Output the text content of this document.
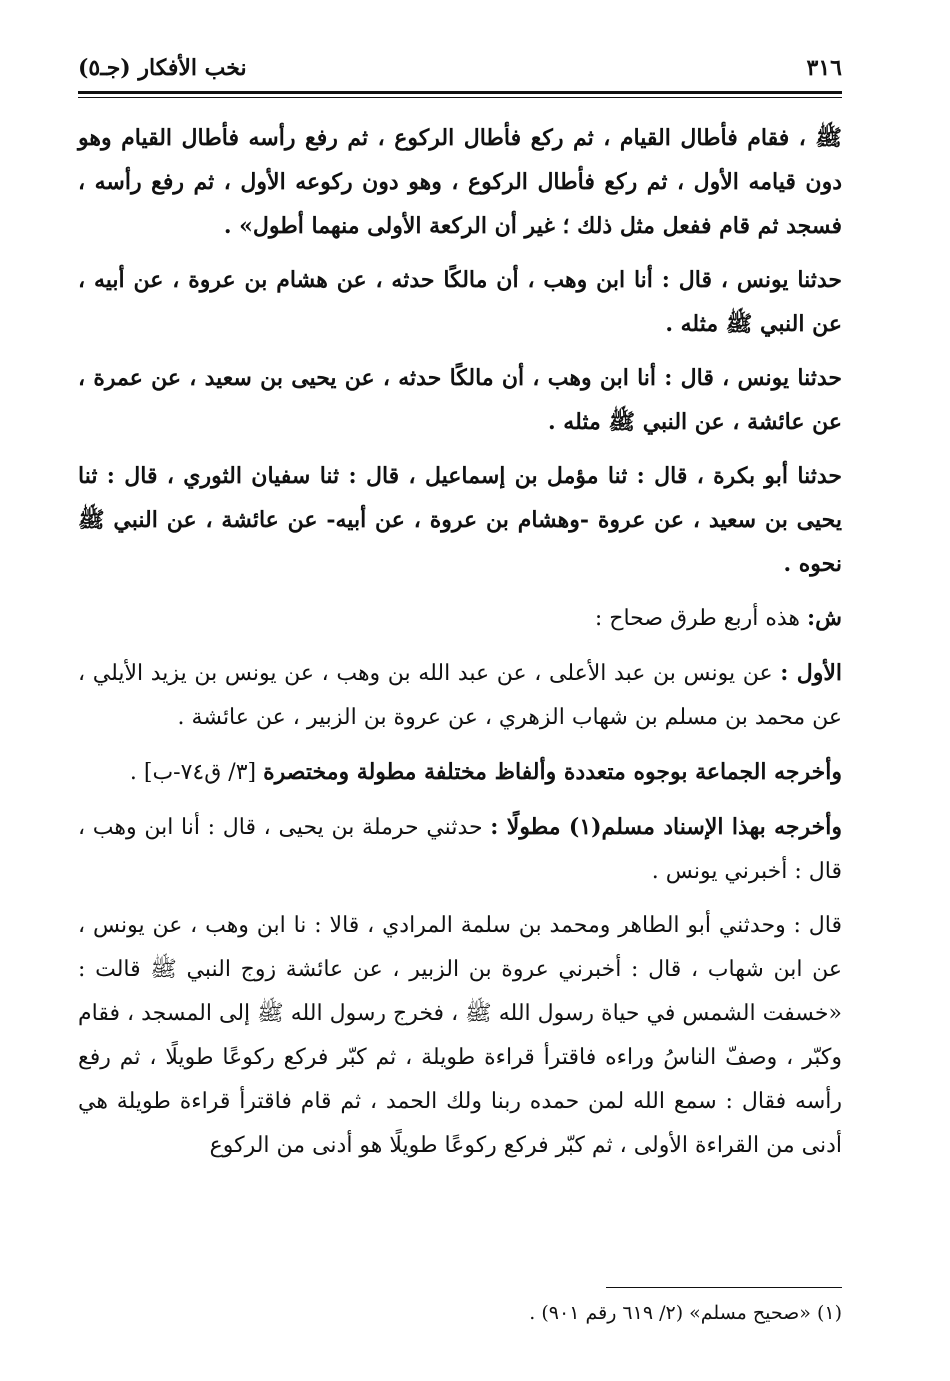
٣١٦
نخب الأفكار (جـ٥)

ﷺ ، فقام فأطال القيام ، ثم ركع فأطال الركوع ، ثم رفع رأسه فأطال القيام وهو دون قيامه الأول ، ثم ركع فأطال الركوع ، وهو دون ركوعه الأول ، ثم رفع رأسه ، فسجد ثم قام ففعل مثل ذلك ؛ غير أن الركعة الأولى منهما أطول» .

حدثنا يونس ، قال : أنا ابن وهب ، أن مالكًا حدثه ، عن هشام بن عروة ، عن أبيه ، عن النبي ﷺ مثله .

حدثنا يونس ، قال : أنا ابن وهب ، أن مالكًا حدثه ، عن يحيى بن سعيد ، عن عمرة ، عن عائشة ، عن النبي ﷺ مثله .

حدثنا أبو بكرة ، قال : ثنا مؤمل بن إسماعيل ، قال : ثنا سفيان الثوري ، قال : ثنا يحيى بن سعيد ، عن عروة -وهشام بن عروة ، عن أبيه- عن عائشة ، عن النبي ﷺ نحوه .

ش: هذه أربع طرق صحاح :

الأول : عن يونس بن عبد الأعلى ، عن عبد الله بن وهب ، عن يونس بن يزيد الأيلي ، عن محمد بن مسلم بن شهاب الزهري ، عن عروة بن الزبير ، عن عائشة .

وأخرجه الجماعة بوجوه متعددة وألفاظ مختلفة مطولة ومختصرة [٣/ ق٧٤-ب] .

وأخرجه بهذا الإسناد مسلم(١) مطولًا : حدثني حرملة بن يحيى ، قال : أنا ابن وهب ، قال : أخبرني يونس .

قال : وحدثني أبو الطاهر ومحمد بن سلمة المرادي ، قالا : نا ابن وهب ، عن يونس ، عن ابن شهاب ، قال : أخبرني عروة بن الزبير ، عن عائشة زوج النبي ﷺ قالت : «خسفت الشمس في حياة رسول الله ﷺ ، فخرج رسول الله ﷺ إلى المسجد ، فقام وكبّر ، وصفّ الناسُ وراءه فاقترأ قراءة طويلة ، ثم كبّر فركع ركوعًا طويلًا ، ثم رفع رأسه فقال : سمع الله لمن حمده ربنا ولك الحمد ، ثم قام فاقترأ قراءة طويلة هي أدنى من القراءة الأولى ، ثم كبّر فركع ركوعًا طويلًا هو أدنى من الركوع

(١) «صحيح مسلم» (٢/ ٦١٩ رقم ٩٠١) .
